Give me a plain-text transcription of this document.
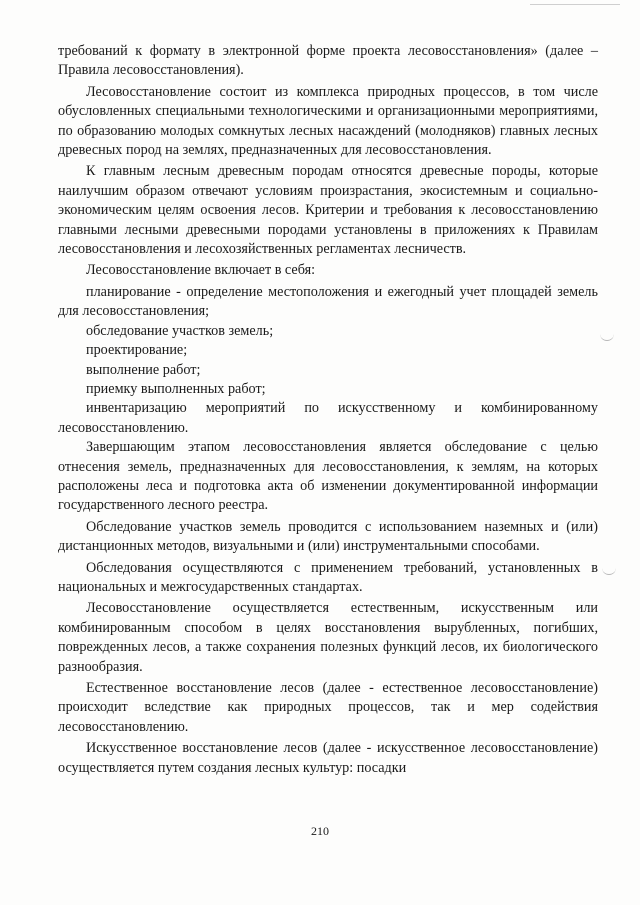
требований к формату в электронной форме проекта лесовосстановления» (далее – Правила лесовосстановления).

Лесовосстановление состоит из комплекса природных процессов, в том числе обусловленных специальными технологическими и организационными мероприятиями, по образованию молодых сомкнутых лесных насаждений (молодняков) главных лесных древесных пород на землях, предназначенных для лесовосстановления.

К главным лесным древесным породам относятся древесные породы, которые наилучшим образом отвечают условиям произрастания, экосистемным и социально-экономическим целям освоения лесов. Критерии и требования к лесовосстановлению главными лесными древесными породами установлены в приложениях к Правилам лесовосстановления и лесохозяйственных регламентах лесничеств.

Лесовосстановление включает в себя:

планирование - определение местоположения и ежегодный учет площадей земель для лесовосстановления;

обследование участков земель;

проектирование;

выполнение работ;

приемку выполненных работ;

инвентаризацию мероприятий по искусственному и комбинированному лесовосстановлению.

Завершающим этапом лесовосстановления является обследование с целью отнесения земель, предназначенных для лесовосстановления, к землям, на которых расположены леса и подготовка акта об изменении документированной информации государственного лесного реестра.

Обследование участков земель проводится с использованием наземных и (или) дистанционных методов, визуальными и (или) инструментальными способами.

Обследования осуществляются с применением требований, установленных в национальных и межгосударственных стандартах.

Лесовосстановление осуществляется естественным, искусственным или комбинированным способом в целях восстановления вырубленных, погибших, поврежденных лесов, а также сохранения полезных функций лесов, их биологического разнообразия.

Естественное восстановление лесов (далее - естественное лесовосстановление) происходит вследствие как природных процессов, так и мер содействия лесовосстановлению.

Искусственное восстановление лесов (далее - искусственное лесовосстановление) осуществляется путем создания лесных культур: посадки

210
